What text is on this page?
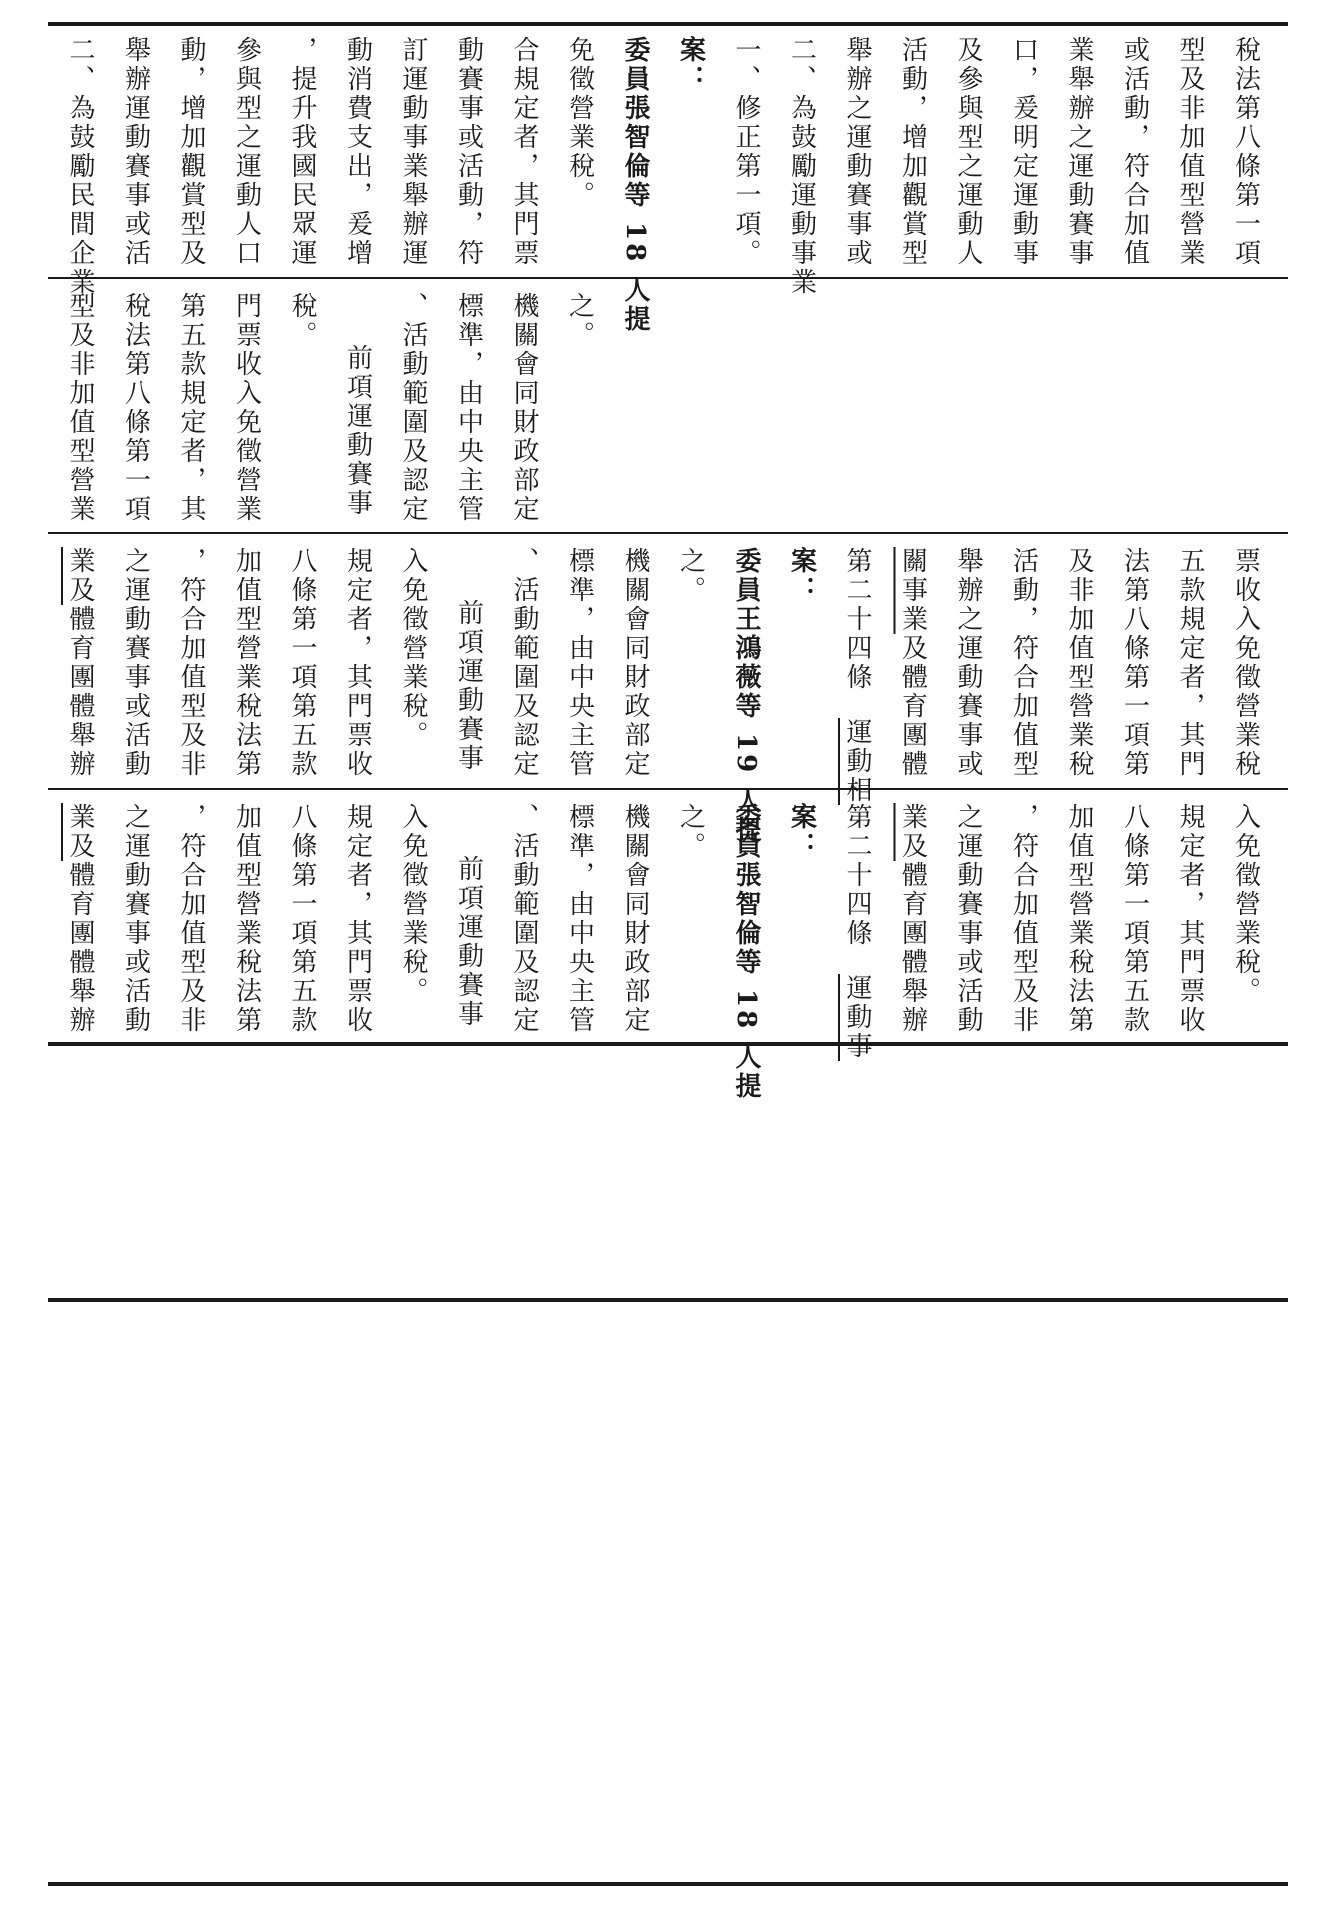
二、為鼓勵民間企業 舉辦運動賽事或活 動，增加觀賞型及 參與型之運動人口 ，提升我國民眾運 動消費支出，爰增 訂運動事業舉辦運 動賽事或活動，符 合規定者，其門票 免徵營業稅。 委員張智倫等 18 人提 案： 一、修正第一項。 二、為鼓勵運動事業 舉辦之運動賽事或 活動，增加觀賞型 及參與型之運動人 口，爰明定運動事 業舉辦之運動賽事 或活動，符合加值 型及非加值型營業 稅法第八條第一項
型及非加值型營業 稅法第八條第一項 第五款規定者，其 門票收入免徵營業 稅。
前項運動賽事 、活動範圍及認定 標準，由中央主管 機關會同財政部定 之。
業及體育團體舉辦 之運動賽事或活動 ，符合加值型及非 加值型營業稅法第 八條第一項第五款 規定者，其門票收 入免徵營業稅。 前項運動賽事 、活動範圍及認定 標準，由中央主管 機關會同財政部定 之。 委員王鴻薇等 19 人提 案： 第二十四條運動相
關事業及體育團體 舉辦之運動賽事或 活動，符合加值型 及非加值型營業稅 法第八條第一項第 五款規定者，其門 票收入免徵營業稅
業及體育團體舉辦 之運動賽事或活動 ，符合加值型及非 加值型營業稅法第 八條第一項第五款 規定者，其門票收 入免徵營業稅。 前項運動賽事 、活動範圍及認定 標準，由中央主管 機關會同財政部定 之。 委員張智倫等 18 人提 案： 第二十四條運動事
業及體育團體舉辦 之運動賽事或活動 ，符合加值型及非 加值型營業稅法第 八條第一項第五款 規定者，其門票收 入免徵營業稅。
